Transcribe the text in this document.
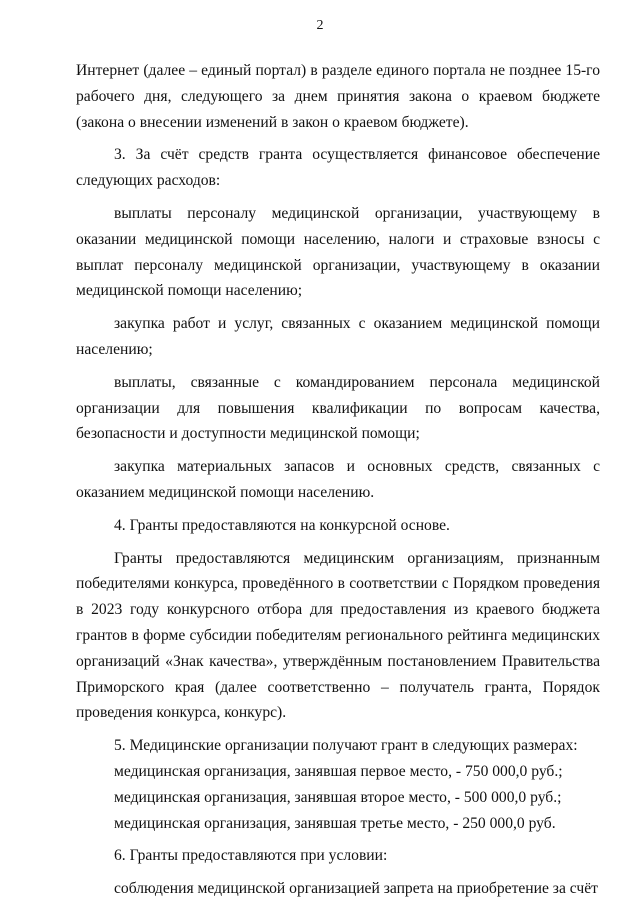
2

Интернет (далее – единый портал) в разделе единого портала не позднее 15-го рабочего дня, следующего за днем принятия закона о краевом бюджете (закона о внесении изменений в закон о краевом бюджете).

3. За счёт средств гранта осуществляется финансовое обеспечение следующих расходов:

выплаты персоналу медицинской организации, участвующему в оказании медицинской помощи населению, налоги и страховые взносы с выплат персоналу медицинской организации, участвующему в оказании медицинской помощи населению;

закупка работ и услуг, связанных с оказанием медицинской помощи населению;

выплаты, связанные с командированием персонала медицинской организации для повышения квалификации по вопросам качества, безопасности и доступности медицинской помощи;

закупка материальных запасов и основных средств, связанных с оказанием медицинской помощи населению.

4. Гранты предоставляются на конкурсной основе.

Гранты предоставляются медицинским организациям, признанным победителями конкурса, проведённого в соответствии с Порядком проведения в 2023 году конкурсного отбора для предоставления из краевого бюджета грантов в форме субсидии победителям регионального рейтинга медицинских организаций «Знак качества», утверждённым постановлением Правительства Приморского края (далее соответственно – получатель гранта, Порядок проведения конкурса, конкурс).

5. Медицинские организации получают грант в следующих размерах:

медицинская организация, занявшая первое место, - 750 000,0 руб.;

медицинская организация, занявшая второе место, - 500 000,0 руб.;

медицинская организация, занявшая третье место, - 250 000,0 руб.

6. Гранты предоставляются при условии:

соблюдения медицинской организацией запрета на приобретение за счёт
